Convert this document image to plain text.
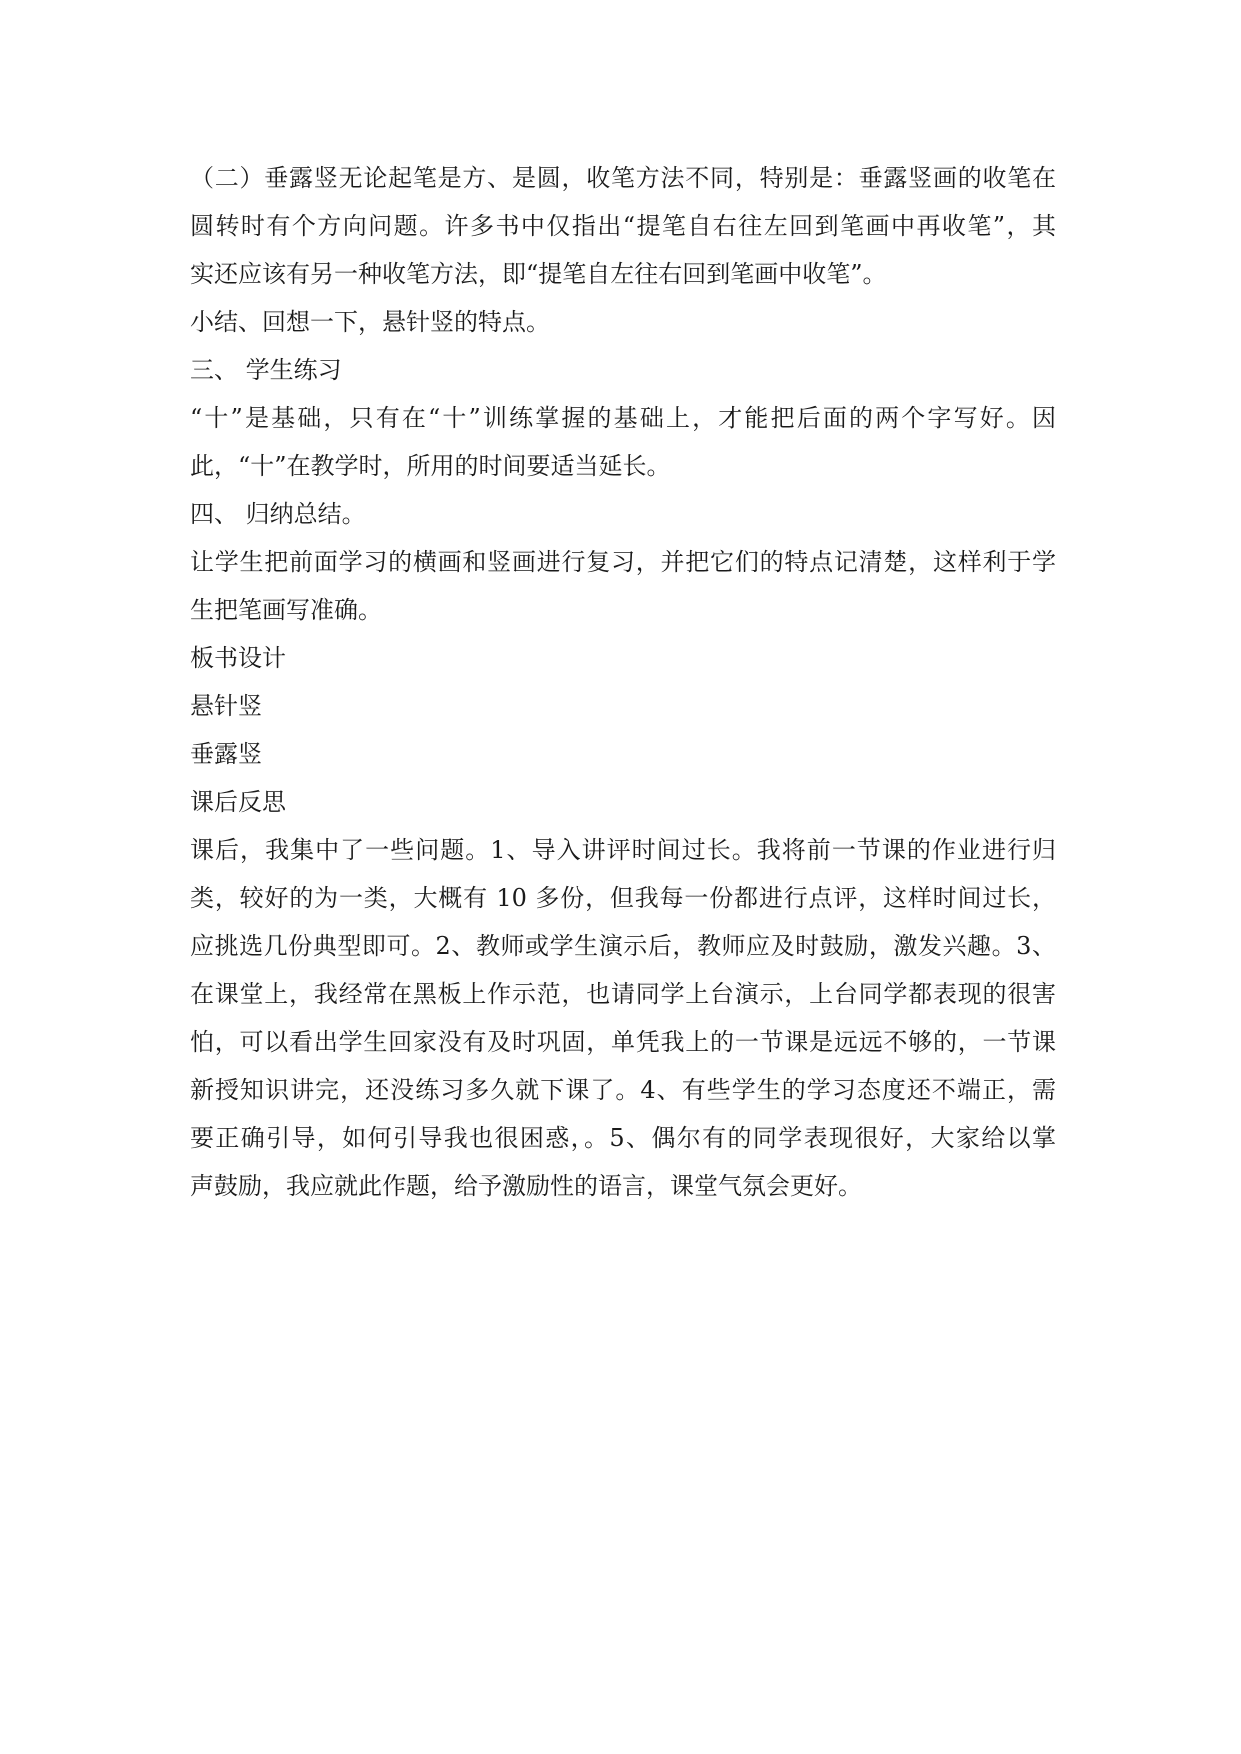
（二）垂露竖无论起笔是方、是圆，收笔方法不同，特别是：垂露竖画的收笔在

圆转时有个方向问题。许多书中仅指出“提笔自右往左回到笔画中再收笔”，其

实还应该有另一种收笔方法，即“提笔自左往右回到笔画中收笔”。

小结、回想一下，悬针竖的特点。

三、 学生练习

“十”是基础，只有在“十”训练掌握的基础上，才能把后面的两个字写好。因

此，“十”在教学时，所用的时间要适当延长。

四、 归纳总结。

让学生把前面学习的横画和竖画进行复习，并把它们的特点记清楚，这样利于学

生把笔画写准确。

板书设计

悬针竖

垂露竖

课后反思

课后，我集中了一些问题。1、导入讲评时间过长。我将前一节课的作业进行归

类，较好的为一类，大概有 10 多份，但我每一份都进行点评，这样时间过长，

应挑选几份典型即可。2、教师或学生演示后，教师应及时鼓励，激发兴趣。3、

在课堂上，我经常在黑板上作示范，也请同学上台演示，上台同学都表现的很害

怕，可以看出学生回家没有及时巩固，单凭我上的一节课是远远不够的，一节课

新授知识讲完，还没练习多久就下课了。4、有些学生的学习态度还不端正，需

要正确引导，如何引导我也很困惑，。5、偶尔有的同学表现很好，大家给以掌

声鼓励，我应就此作题，给予激励性的语言，课堂气氛会更好。
